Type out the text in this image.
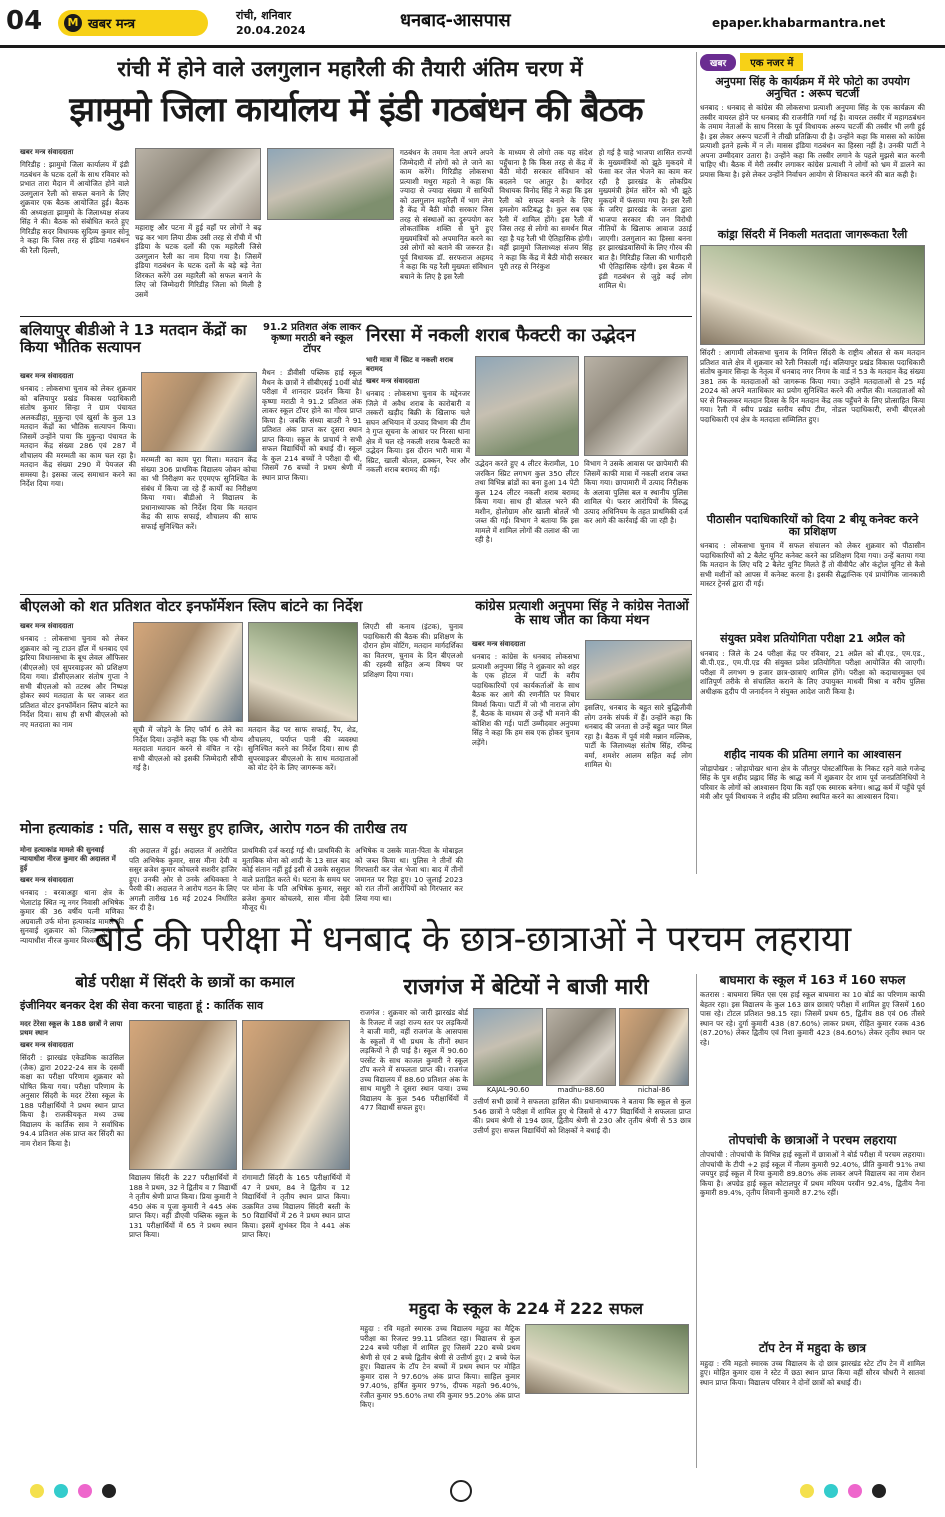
04	M खबर मन्त्र
रांची, शनिवार
20.04.2024	धनबाद-आसपास	epaper.khabarmantra.net
रांची में होने वाले उलगुलान महारैली की तैयारी अंतिम चरण में
झामुमो जिला कार्यालय में इंडी गठबंधन की बैठक
खबर मन्त्र संवाददाता
गिरिडीह : झामुमो जिला कार्यालय में इंडी गठबंधन के घटक दलों के साथ रविवार को प्रभात तारा मैदान में आयोजित होने वाले उलगुलान रैली को सफल बनाने के लिए शुक्रवार एक बैठक आयोजित हुई। बैठक की अध्यक्षता झामुमो के जिलाध्यक्ष संजय सिंह ने की। बैठक को संबोधित करते हुए गिरिडीह सदर विधायक सुदिव्य कुमार सोनू ने कहा कि जिस तरह से इंडिया गठबंधन की रैली दिल्ली,
महाराष्ट्र और पटना में हुई वहाँ पर लोगों ने बढ़ चढ़ कर भाग लिया ठीक उसी तरह से राँची में भी इंडिया के घटक दलों की एक महारैली जिसे उलगुलान रैली का नाम दिया गया है। जिसमें इंडिया गठबंधन के घटक दलों के बड़े बड़े नेता शिरकत करेंगे उस महारैली को सफल बनाने के लिए जो जिम्मेदारी गिरिडीह जिला को मिली है उसमें
गठबंधन के तमाम नेता अपने अपने जिम्मेदारी में लोगों को ले जाने का काम करेंगे। गिरिडीह लोकसभा प्रत्याशी मथुरा महतो ने कहा कि ज्यादा से ज्यादा संख्या में साथियों को उलगुलान महारैली में भाग लेना है केंद्र में बैठी मोदी सरकार जिस तरह से संस्थाओं का दुरुपयोग कर लोकतांत्रिक शक्ति से चुने हुए मुख्यमंत्रियों को अपमानित करने का उसे लोगों को बताने की जरूरत है। पूर्व विधायक डॉ. सरफराज अहमद ने कहा कि यह रैली मुख्यतः संविधान बचाने के लिए है इस रैली
के माध्यम से लोगो तक यह संदेश पहुँचाना है कि किस तरह से केंद्र में बैठी मोदी सरकार संविधान को बदलने पर आतुर है। बगोदर विधायक विनोद सिंह ने कहा कि इस रैली को सफल बनाने के लिए हमलोग कटिबद्ध है। कुल सब एक रैली में शामिल होंगे। इस रैली में जिस तरह से लोगो का समर्थन मिल रहा है यह रैली भी ऐतिहासिक होगी। वहीं झामुमो जिलाध्यक्ष संजय सिंह ने कहा कि केंद्र में बैठी मोदी सरकार पूरी तरह से निरंकुश
हो गई है चाहे भाजपा शासित राज्यों के मुख्यमंत्रियों को झूठे मुकदमे में फंसा कर जेल भेजने का काम कर रही है झारखंड के लोकप्रिय मुख्यमंत्री हेमंत सोरेन को भी झूठे मुकदमे में फंसाया गया है। इस रैली के जरिए झारखंड के जनता द्वारा भाजपा सरकार की जन विरोधी नीतियों के खिलाफ आवाज उठाई जाएगी। उलगुलान का हिस्सा बनना हर झारखंडवासियों के लिए गौरव की बात है। गिरिडीह जिला की भागीदारी भी ऐतिहासिक रहेगी। इस बैठक में इंडी गठबंधन से जुड़े कई लोग शामिल थे।
खबर	एक नजर में
अनुपमा सिंह के कार्यक्रम में मेरे फोटो का उपयोग अनुचित : अरूप चटर्जी
धनबाद : धनबाद से कांग्रेस की लोकसभा प्रत्याशी अनुपमा सिंह के एक कार्यक्रम की तस्वीर वायरल होने पर धनबाद की राजनीति गर्मा गई है। वायरल तस्वीर में महागठबंधन के तमाम नेताओं के साथ निरसा के पूर्व विधायक अरूप चटर्जी की तस्वीर भी लगी हुई है। इस लेकर अरूप चटर्जी ने तीखी प्रतिक्रिया दी है। उन्होंने कहा कि मासस को कांग्रेस प्रत्याशी इतने हल्के में न लें। मासस इंडिया गठबंधन का हिस्सा नहीं है। उनकी पार्टी ने अपना उम्मीदवार उतारा है। उन्होंने कहा कि तस्वीर लगाने के पहले मुझसे बात करनी चाहिए थी। बैठक में मेरी तस्वीर लगाकर कांग्रेस प्रत्याशी ने लोगों को भ्रम में डालने का प्रयास किया है। इसे लेकर उन्होंने निर्वाचन आयोग से शिकायत करने की बात कही है।
कांड्रा सिंदरी में निकली मतदाता जागरूकता रैली
सिंदरी : आगामी लोकसभा चुनाव के निमित्त सिंदरी के राष्ट्रीय औसत से कम मतदान प्रतिशत वाले क्षेत्र में शुक्रवार को रैली निकाली गई। बलियापुर प्रखंड विकास पदाधिकारी संतोष कुमार सिन्हा के नेतृत्व में धनबाद नगर निगम के वार्ड नं 53 के मतदान केंद्र संख्या 381 तक के मतदाताओं को जागरूक किया गया। उन्होंने मतदाताओं से 25 मई 2024 को अपने मताधिकार का प्रयोग सुनिश्चित करने की अपील की। मतदाताओं को घर से निकलकर मतदान दिवस के दिन मतदान केंद्र तक पहुँचने के लिए प्रोत्साहित किया गया। रैली में स्वीप प्रखंड स्तरीय स्वीप टीम, नोडल पदाधिकारी, सभी बीएलओ पदाधिकारी एवं क्षेत्र के मतदाता सम्मिलित हुए।
पीठासीन पदाधिकारियों को दिया 2 बीयू कनेक्ट करने का प्रशिक्षण
धनबाद : लोकसभा चुनाव में सफल संचालन को लेकर शुक्रवार को पीठासीन पदाधिकारियों को 2 बैलेट यूनिट कनेक्ट करने का प्रशिक्षण दिया गया। उन्हें बताया गया कि मतदान के लिए यदि 2 बैलेट यूनिट मिलते हैं तो वीवीपैट और कंट्रोल यूनिट से कैसे सभी मशीनों को आपस में कनेक्ट करना है। इसकी सैद्धान्तिक एवं प्रायोगिक जानकारी मास्टर ट्रेनर्स द्वारा दी गई।
संयुक्त प्रवेश प्रतियोगिता परीक्षा 21 अप्रैल को
धनबाद : जिले के 24 परीक्षा केंद्र पर रविवार, 21 अप्रैल को बी.एड., एम.एड., बी.पी.एड., एम.पी.एड की संयुक्त प्रवेश प्रतियोगिता परीक्षा आयोजित की जाएगी। परीक्षा में लगभग 9 हजार छात्र-छात्राएं शामिल होंगे। परीक्षा को कदाचारमुक्त एवं शांतिपूर्ण तरीके से संचालित कराने के लिए उपायुक्त माधवी मिश्रा व वरीय पुलिस अधीक्षक हृदीप पी जनार्दनन ने संयुक्त आदेश जारी किया है।
शहीद नायक की प्रतिमा लगाने का आश्वासन
जोड़ापोखर : जोड़ापोखर थाना क्षेत्र के जीतपुर पोस्टऑफिस के निकट रहने वाले गजेन्द्र सिंह के पुत्र शहीद प्रह्लाद सिंह के श्राद्ध कर्म में शुक्रवार देर शाम पूर्व जनप्रतिनिधियों ने परिवार के लोगों को आश्वासन दिया कि वहाँ एक स्मारक बनेगा। श्राद्ध कर्म में पहुँचे पूर्व मंत्री और पूर्व विधायक ने शहीद की प्रतिमा स्थापित करने का आश्वासन दिया।
बलियापुर बीडीओ ने 13 मतदान केंद्रों का किया भौतिक सत्यापन
खबर मन्त्र संवाददाता
धनबाद : लोकसभा चुनाव को लेकर शुक्रवार को बलियापुर प्रखंड विकास पदाधिकारी संतोष कुमार सिन्हा ने ग्राम पंचायत अलकडीहा, मुकुन्दा एवं खुर्सा के कुल 13 मतदान केंद्रों का भौतिक सत्यापन किया। जिसमें उन्होंने पाया कि मुकुन्दा पंचायत के मतदान केंद्र संख्या 286 एवं 287 में शौचालय की मरम्मती का काम चल रहा है। मतदान केंद्र संख्या 290 में पेयजल की समस्या है। इसका जल्द समाधान करने का निर्देश दिया गया।
मरम्मती का काम पूरा मिला। मतदान केंद्र संख्या 306 प्राथमिक विद्यालय जोबन कोचा का भी निरीक्षण कर एएमएफ सुनिश्चित के संबंध में किया जा रहे हैं कार्यों का निरीक्षण किया गया। बीडीओ ने विद्यालय के प्रधानाध्यापक को निर्देश दिया कि मतदान केंद्र की साफ सफाई, शौचालय की साफ सफाई सुनिश्चित करें।
91.2 प्रतिशत अंक लाकर कृष्णा मराठी बने स्कूल टॉपर
मैथन : डीवीसी पब्लिक हाई स्कूल मैथन के छात्रों ने सीबीएसई 10वीं बोर्ड परीक्षा में शानदार प्रदर्शन किया है। कृष्णा मराठी ने 91.2 प्रतिशत अंक लाकर स्कूल टॉपर होने का गौरव प्राप्त किया है। जबकि संध्या बाउरी ने 91 प्रतिशत अंक प्राप्त कर दूसरा स्थान प्राप्त किया। स्कूल के प्राचार्य ने सभी सफल विद्यार्थियों को बधाई दी। स्कूल के कुल 214 बच्चों ने परीक्षा दी थी, जिसमें 76 बच्चों ने प्रथम श्रेणी में स्थान प्राप्त किया।
निरसा में नकली शराब फैक्टरी का उद्भेदन
भारी मात्रा में स्प्रिट व नकली शराब बरामद
खबर मन्त्र संवाददाता
धनबाद : लोकसभा चुनाव के मद्देनजर जिले में अवैध शराब के कारोबारी व तस्करों खड़ीद बिक्री के खिलाफ चले सघन अभियान में उत्पाद विभाग की टीम ने गुप्त सूचना के आधार पर निरसा थाना क्षेत्र में चल रहे नकली शराब फैक्टरी का उद्भेदन किया। इस दौरान भारी मात्रा में स्प्रिट, खाली बोतल, ढक्कन, रैपर और नकली शराब बरामद की गई।
उद्भेदन करते हुए 4 लीटर केरामील, 10 जरकिन स्प्रिट लगभग कुल 350 लीटर तथा विभिन्न ब्रांडों का बना हुआ 14 पेटी कुल 124 लीटर नकली शराब बरामद किया गया। साथ ही बोतल भरने की मशीन, होलोग्राम और खाली बोतलें भी जब्त की गई। विभाग ने बताया कि इस मामले में शामिल लोगों की तलाश की जा रही है।
विभाग ने उसके आवास पर छापेमारी की जिसमें काफी मात्रा में नकली शराब जब्त किया गया। छापामारी में उत्पाद निरीक्षक के अलावा पुलिस बल व स्थानीय पुलिस शामिल थे। फरार आरोपियों के विरुद्ध उत्पाद अधिनियम के तहत प्राथमिकी दर्ज कर आगे की कार्रवाई की जा रही है।
बीएलओ को शत प्रतिशत वोटर इनफॉर्मेशन स्लिप बांटने का निर्देश
खबर मन्त्र संवाददाता
धनबाद : लोकसभा चुनाव को लेकर शुक्रवार को न्यू टाउन हॉल में धनबाद एवं झरिया विधानसभा के बूथ लेवल ऑफिसर (बीएलओ) एवं सुपरवाइजर को प्रशिक्षण दिया गया। डीसीएलआर संतोष गुप्ता ने सभी बीएलओ को तटस्थ और निष्पक्ष होकर स्वयं मतदाता के घर जाकर शत प्रतिशत वोटर इनफॉर्मेशन स्लिप बांटने का निर्देश दिया। साथ ही सभी बीएलओ को नए मतदाता का नाम
सूची में जोड़ने के लिए फॉर्म 6 लेने का निर्देश दिया। उन्होंने कहा कि एक भी योग्य मतदाता मतदान करने से वंचित न रहे। सभी बीएलओ को इसकी जिम्मेदारी सौंपी गई है।
मतदान केंद्र पर साफ सफाई, रैंप, शेड, शौचालय, पर्याप्त पानी की व्यवस्था सुनिश्चित करने का निर्देश दिया। साथ ही सुपरवाइजर बीएलओ के साथ मतदाताओं को वोट देने के लिए जागरूक करें।
लिएटी सी कनाय (इंटक), चुनाव पदाधिकारी की बैठक की। प्रशिक्षण के दौरान होम वोटिंग, मतदान मार्गदर्शिका का वितरण, चुनाव के दिन बीएलओ की रहस्यी सहित अन्य विषय पर प्रशिक्षण दिया गया।
कांग्रेस प्रत्याशी अनुपमा सिंह ने कांग्रेस नेताओं के साथ जीत का किया मंथन
खबर मन्त्र संवाददाता
धनबाद : कांग्रेस के धनबाद लोकसभा प्रत्याशी अनुपमा सिंह ने शुक्रवार को शहर के एक होटल में पार्टी के वरीय पदाधिकारियों एवं कार्यकर्ताओं के साथ बैठक कर आगे की रणनीति पर विचार विमर्श किया। पार्टी में जो भी नाराज लोग हैं, बैठक के माध्यम से उन्हें भी मनाने की कोशिश की गई। पार्टी उम्मीदवार अनुपमा सिंह ने कहा कि हम सब एक होकर चुनाव लड़ेंगे।
इसलिए, धनबाद के बहुत सारे बुद्धिजीवी लोग उनके संपर्क में हैं। उन्होंने कहा कि धनबाद की जनता से उन्हें बहुत प्यार मिल रहा है। बैठक में पूर्व मंत्री मन्नान मल्लिक, पार्टी के जिलाध्यक्ष संतोष सिंह, रविन्द्र वर्मा, शमशेर आलम सहित कई लोग शामिल थे।
मोना हत्याकांड : पति, सास व ससुर हुए हाजिर, आरोप गठन की तारीख तय
मोना हत्याकांड मामले की सुनवाई न्यायाधीश नीरज कुमार की अदालत में हुई
खबर मन्त्र संवाददाता
धनबाद : बरवाअड्डा थाना क्षेत्र के भेलाटांड़ स्थित न्यू नगर निवासी अभिषेक कुमार की 36 वर्षीय पत्नी मणिका अग्रवाली उर्फ मोना हत्याकांड मामले की सुनवाई शुक्रवार को जिला एवं सत्र न्यायाधीश नीरज कुमार विश्वकर्मा
की अदालत में हुई। अदालत में आरोपित पति अभिषेक कुमार, सास मीना देवी व ससुर ब्रजेश कुमार कोचलवे सशरीर हाजिर हुए। उनकी ओर से उनके अधिवक्ता ने पैरवी की। अदालत ने आरोप गठन के लिए अगली तारीख 16 मई 2024 निर्धारित कर दी है।
प्राथमिकी दर्ज कराई गई थी। प्राथमिकी के मुताबिक मोना को शादी के 13 साल बाद कोई संतान नहीं हुई इसी से उसके ससुराल वाले प्रताड़ित करते थे। घटना के समय घर पर मोना के पति अभिषेक कुमार, ससुर ब्रजेश कुमार कोचलवे, सास मीना देवी मौजूद थे।
अभिषेक व उसके माता-पिता के मोबाइल को जब्त किया था। पुलिस ने तीनों की गिरफ्तारी कर जेल भेजा था। बाद में तीनों जमानत पर रिहा हुए। 10 जुलाई 2023 को रात तीनों आरोपियों को गिरफ्तार कर लिया गया था।
बोर्ड की परीक्षा में धनबाद के छात्र-छात्राओं ने परचम लहराया
बोर्ड परीक्षा में सिंदरी के छात्रों का कमाल
इंजीनियर बनकर देश की सेवा करना चाहता हूं : कार्तिक साव
मदर टेरेसा स्कूल के 188 छात्रों ने लाया प्रथम स्थान
खबर मन्त्र संवाददाता
सिंदरी : झारखंड एकेडमिक काउंसिल (जैक) द्वारा 2022-24 सत्र के दसवीं कक्षा का परीक्षा परिणाम शुक्रवार को घोषित किया गया। परीक्षा परिणाम के अनुसार सिंदरी के मदर टेरेसा स्कूल के 188 परीक्षार्थियों ने प्रथम स्थान प्राप्त किया है। राजकीयकृत मध्य उच्च विद्यालय के कार्तिक साव ने सर्वाधिक 94.4 प्रतिशत अंक प्राप्त कर सिंदरी का नाम रोशन किया है।
विद्यालय सिंदरी के 227 परीक्षार्थियों में 188 ने प्रथम, 32 ने द्वितीय व 7 विद्यार्थी ने तृतीय श्रेणी प्राप्त किया। प्रिया कुमारी ने 450 अंक व पूजा कुमारी ने 445 अंक प्राप्त किए। वहीं डीएवी पब्लिक स्कूल के 131 परीक्षार्थियों में 65 ने प्रथम स्थान प्राप्त किया।
रांगामाटी सिंदरी के 165 परीक्षार्थियों में 47 ने प्रथम, 84 ने द्वितीय व 12 विद्यार्थियों ने तृतीय स्थान प्राप्त किया। उत्क्रमित उच्च विद्यालय सिंदरी बस्ती के 50 विद्यार्थियों में 26 ने प्रथम स्थान प्राप्त किया। इसमें शुभंकर दिव ने 441 अंक प्राप्त किए।
राजगंज में बेटियों ने बाजी मारी
राजगंज : शुक्रवार को जारी झारखंड बोर्ड के रिजल्ट में जहां राज्य स्तर पर लड़कियों ने बाजी मारी, वहीं राजगंज के आसपास के स्कूलों में भी प्रथम के तीनों स्थान लड़कियों ने ही पाई है। स्कूल में 90.60 परसेंट के साथ काजल कुमारी ने स्कूल टॉप करने में सफलता प्राप्त की। राजगंज उच्च विद्यालय में 88.60 प्रतिशत अंक के साथ माधुरी ने दूसरा स्थान पाया। उच्च विद्यालय के कुल 546 परीक्षार्थियों में 477 विद्यार्थी सफल हुए।
KAJAL-90.60	madhu-88.60	nichal-86
उत्तीर्ण सभी छात्रों ने सफलता हासिल की। प्रधानाध्यापक ने बताया कि स्कूल से कुल 546 छात्रों ने परीक्षा में शामिल हुए थे जिसमें से 477 विद्यार्थियों ने सफलता प्राप्त की। प्रथम श्रेणी से 194 छात्र, द्वितीय श्रेणी से 230 और तृतीय श्रेणी से 53 छात्र उत्तीर्ण हुए। सफल विद्यार्थियों को शिक्षकों ने बधाई दी।
महुदा के स्कूल के 224 में 222 सफल
महुदा : रवि महतो स्मारक उच्च विद्यालय महुदा का मैट्रिक परीक्षा का रिजल्ट 99.11 प्रतिशत रहा। विद्यालय से कुल 224 बच्चे परीक्षा में शामिल हुए जिसमें 220 बच्चे प्रथम श्रेणी से एवं 2 बच्चे द्वितीय श्रेणी से उत्तीर्ण हुए। 2 बच्चे फेल हुए। विद्यालय के टॉप टेन बच्चों में प्रथम स्थान पर मोहित कुमार दास ने 97.60% अंक प्राप्त किया। साहिल कुमार 97.40%, हर्षित कुमार 97%, दीपक महतो 96.40%, रंजीत कुमार 95.60% तथा रवि कुमार 95.20% अंक प्राप्त किए।
बाघमारा के स्कूल में 163 में 160 सफल
कतरास : बाघमारा स्थित एस एस हाई स्कूल बाघमारा का 10 बोर्ड का परिणाम काफी बेहतर रहा। इस विद्यालय के कुल 163 छात्र छात्राएं परीक्षा में शामिल हुए जिसमें 160 पास रहे। टोटल प्रतिशत 98.15 रहा। जिसमें प्रथम 65, द्वितीय 88 एवं 06 तीसरे स्थान पर रहे। दुर्गा कुमारी 438 (87.60%) लाकर प्रथम, रोहित कुमार रजक 436 (87.20%) लेकर द्वितीय एवं निशा कुमारी 423 (84.60%) लेकर तृतीय स्थान पर रहे।
तोपचांची के छात्राओं ने परचम लहराया
तोपचांची : तोपचांची के विभिन्न हाई स्कूलों में छात्राओं ने बोर्ड परीक्षा में परचम लहराया। तोपचांची के टीपी +2 हाई स्कूल में नीलम कुमारी 92.40%, प्रीति कुमारी 91% तथा जयपुर हाई स्कूल में रिया कुमारी 89.80% अंक लाकर अपने विद्यालय का नाम रोशन किया है। अपग्रेड हाई स्कूल कोटालपुर में प्रथम मरियम परवीन 92.4%, द्वितीय नैना कुमारी 89.4%, तृतीय शिवानी कुमारी 87.2% रहीं।
टॉप टेन में महुदा के छात्र
महुदा : रवि महतो स्मारक उच्च विद्यालय के दो छात्र झारखंड स्टेट टॉप टेन में शामिल हुए। मोहित कुमार दास ने स्टेट में छठा स्थान प्राप्त किया वहीं सौरव चौधरी ने सातवां स्थान प्राप्त किया। विद्यालय परिवार ने दोनों छात्रों को बधाई दी।
